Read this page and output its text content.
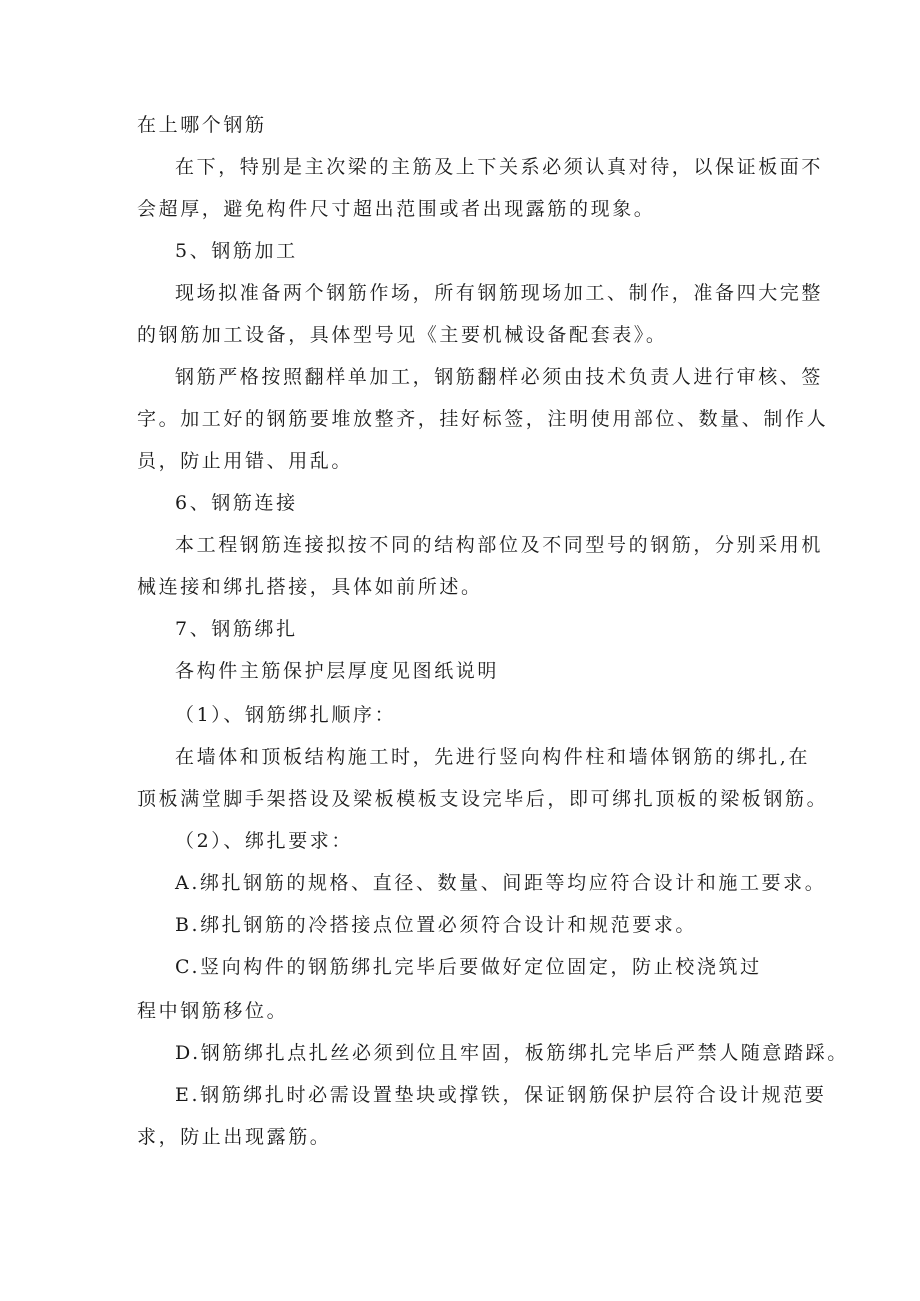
在上哪个钢筋

在下，特别是主次梁的主筋及上下关系必须认真对待，以保证板面不

会超厚，避免构件尺寸超出范围或者出现露筋的现象。

5、钢筋加工

现场拟准备两个钢筋作场，所有钢筋现场加工、制作，准备四大完整

的钢筋加工设备，具体型号见《主要机械设备配套表》。

钢筋严格按照翻样单加工，钢筋翻样必须由技术负责人进行审核、签

字。加工好的钢筋要堆放整齐，挂好标签，注明使用部位、数量、制作人

员，防止用错、用乱。

6、钢筋连接

本工程钢筋连接拟按不同的结构部位及不同型号的钢筋，分别采用机

械连接和绑扎搭接，具体如前所述。

7、钢筋绑扎

各构件主筋保护层厚度见图纸说明

（1）、钢筋绑扎顺序：

在墙体和顶板结构施工时，先进行竖向构件柱和墙体钢筋的绑扎,在

顶板满堂脚手架搭设及梁板模板支设完毕后，即可绑扎顶板的梁板钢筋。

（2）、绑扎要求：

A.绑扎钢筋的规格、直径、数量、间距等均应符合设计和施工要求。

B.绑扎钢筋的冷搭接点位置必须符合设计和规范要求。

C.竖向构件的钢筋绑扎完毕后要做好定位固定，防止校浇筑过

程中钢筋移位。

D.钢筋绑扎点扎丝必须到位且牢固，板筋绑扎完毕后严禁人随意踏踩。

E.钢筋绑扎时必需设置垫块或撑铁，保证钢筋保护层符合设计规范要

求，防止出现露筋。
